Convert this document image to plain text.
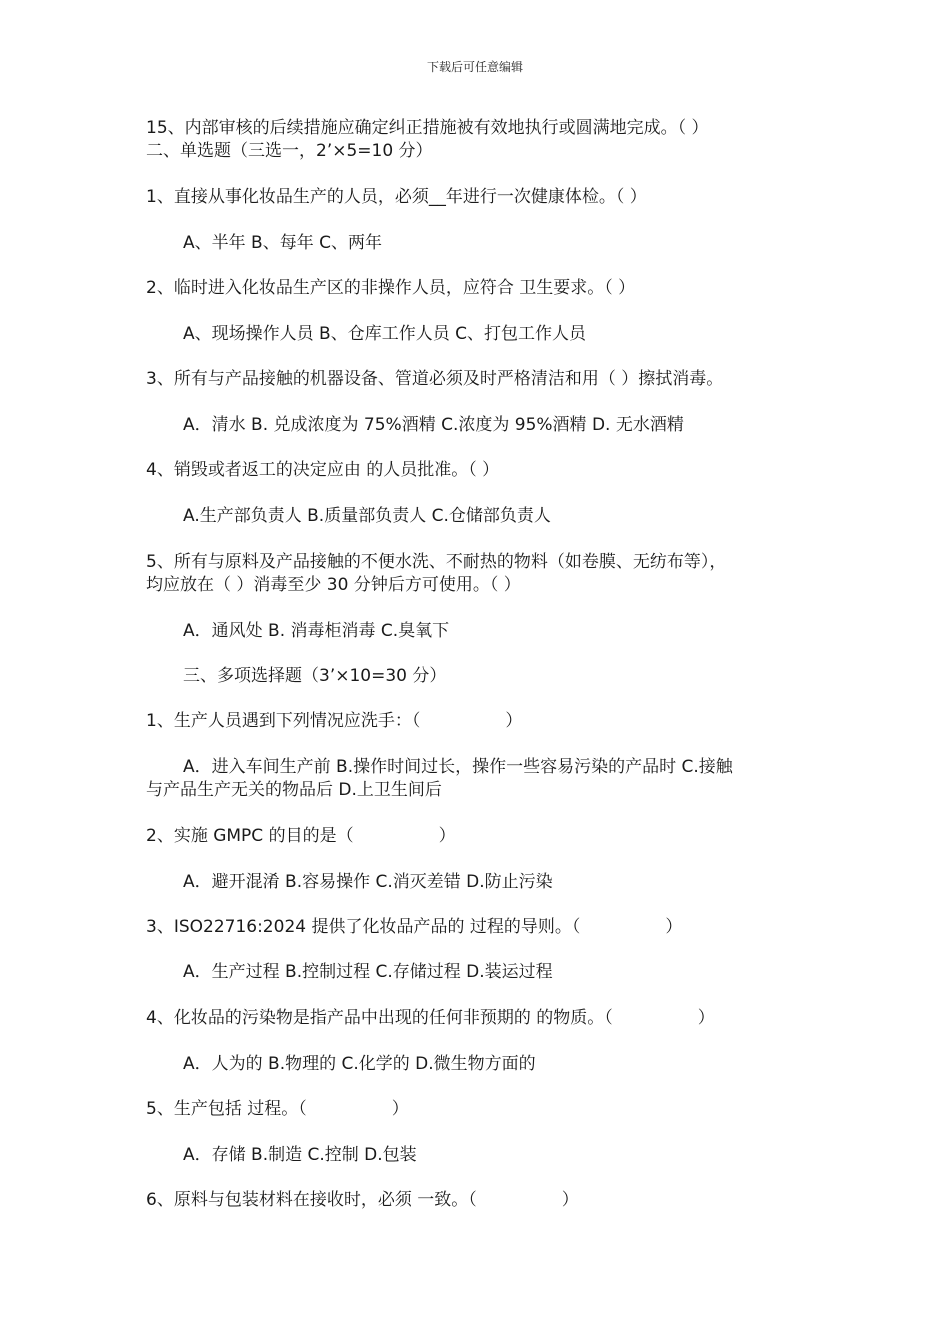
下载后可任意编辑
15、内部审核的后续措施应确定纠正措施被有效地执行或圆满地完成。（ ）
二、单选题（三选一，2’×5=10 分）
1、直接从事化妆品生产的人员，必须__年进行一次健康体检。（ ）
A、半年 B、每年 C、两年
2、临时进入化妆品生产区的非操作人员，应符合 卫生要求。（ ）
A、现场操作人员 B、仓库工作人员 C、打包工作人员
3、所有与产品接触的机器设备、管道必须及时严格清洁和用（ ）擦拭消毒。
A．清水 B. 兑成浓度为 75%酒精 C.浓度为 95%酒精 D. 无水酒精
4、销毁或者返工的决定应由 的人员批准。（ ）
A.生产部负责人 B.质量部负责人 C.仓储部负责人
5、所有与原料及产品接触的不便水洗、不耐热的物料（如卷膜、无纺布等），
均应放在（ ）消毒至少 30 分钟后方可使用。（ ）
A．通风处 B. 消毒柜消毒 C.臭氧下
三、多项选择题（3’×10=30 分）
1、生产人员遇到下列情况应洗手：（　　　　　）
A．进入车间生产前 B.操作时间过长，操作一些容易污染的产品时 C.接触
与产品生产无关的物品后 D.上卫生间后
2、实施 GMPC 的目的是（　　　　　）
A．避开混淆 B.容易操作 C.消灭差错 D.防止污染
3、ISO22716:2024 提供了化妆品产品的 过程的导则。（　　　　　）
A．生产过程 B.控制过程 C.存储过程 D.装运过程
4、化妆品的污染物是指产品中出现的任何非预期的 的物质。（　　　　　）
A．人为的 B.物理的 C.化学的 D.微生物方面的
5、生产包括 过程。（　　　　　）
A．存储 B.制造 C.控制 D.包装
6、原料与包装材料在接收时，必须 一致。（　　　　　）
